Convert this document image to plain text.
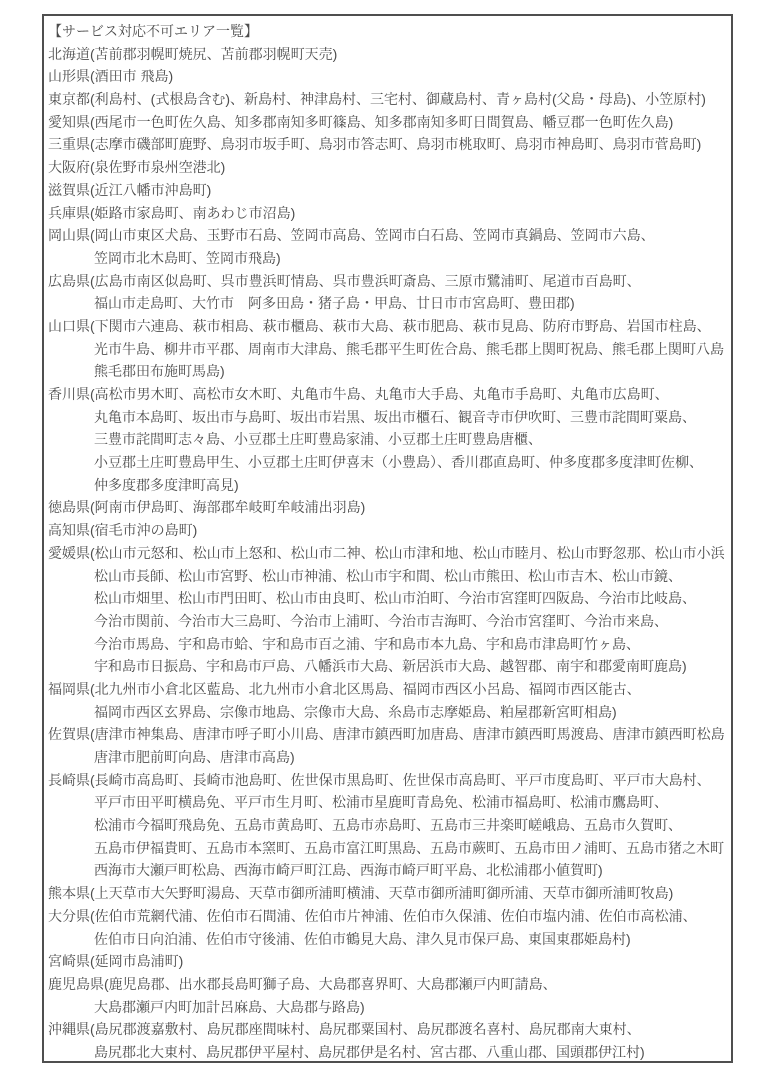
【サービス対応不可エリア一覧】
北海道(苫前郡羽幌町焼尻、苫前郡羽幌町天売)
山形県(酒田市 飛島)
東京都(利島村、(式根島含む)、新島村、神津島村、三宅村、御蔵島村、青ヶ島村(父島・母島)、小笠原村)
愛知県(西尾市一色町佐久島、知多郡南知多町篠島、知多郡南知多町日間賀島、幡豆郡一色町佐久島)
三重県(志摩市磯部町鹿野、鳥羽市坂手町、鳥羽市答志町、鳥羽市桃取町、鳥羽市神島町、鳥羽市菅島町)
大阪府(泉佐野市泉州空港北)
滋賀県(近江八幡市沖島町)
兵庫県(姫路市家島町、南あわじ市沼島)
岡山県(岡山市東区犬島、玉野市石島、笠岡市高島、笠岡市白石島、笠岡市真鍋島、笠岡市六島、
笠岡市北木島町、笠岡市飛島)
広島県(広島市南区似島町、呉市豊浜町情島、呉市豊浜町斎島、三原市鷺浦町、尾道市百島町、
福山市走島町、大竹市　阿多田島・猪子島・甲島、廿日市市宮島町、豊田郡)
山口県(下関市六連島、萩市相島、萩市櫃島、萩市大島、萩市肥島、萩市見島、防府市野島、岩国市柱島、
光市牛島、柳井市平郡、周南市大津島、熊毛郡平生町佐合島、熊毛郡上関町祝島、熊毛郡上関町八島
熊毛郡田布施町馬島)
香川県(高松市男木町、高松市女木町、丸亀市牛島、丸亀市大手島、丸亀市手島町、丸亀市広島町、
丸亀市本島町、坂出市与島町、坂出市岩黒、坂出市櫃石、観音寺市伊吹町、三豊市詫間町粟島、
三豊市詫間町志々島、小豆郡土庄町豊島家浦、小豆郡土庄町豊島唐櫃、
小豆郡土庄町豊島甲生、小豆郡土庄町伊喜末（小豊島）、香川郡直島町、仲多度郡多度津町佐柳、
仲多度郡多度津町高見)
徳島県(阿南市伊島町、海部郡牟岐町牟岐浦出羽島)
高知県(宿毛市沖の島町)
愛媛県(松山市元怒和、松山市上怒和、松山市二神、松山市津和地、松山市睦月、松山市野忽那、松山市小浜
松山市長師、松山市宮野、松山市神浦、松山市宇和間、松山市熊田、松山市吉木、松山市鏡、
松山市畑里、松山市門田町、松山市由良町、松山市泊町、今治市宮窪町四阪島、今治市比岐島、
今治市関前、今治市大三島町、今治市上浦町、今治市吉海町、今治市宮窪町、今治市来島、
今治市馬島、宇和島市蛤、宇和島市百之浦、宇和島市本九島、宇和島市津島町竹ヶ島、
宇和島市日振島、宇和島市戸島、八幡浜市大島、新居浜市大島、越智郡、南宇和郡愛南町鹿島)
福岡県(北九州市小倉北区藍島、北九州市小倉北区馬島、福岡市西区小呂島、福岡市西区能古、
福岡市西区玄界島、宗像市地島、宗像市大島、糸島市志摩姫島、粕屋郡新宮町相島)
佐賀県(唐津市神集島、唐津市呼子町小川島、唐津市鎮西町加唐島、唐津市鎮西町馬渡島、唐津市鎮西町松島
唐津市肥前町向島、唐津市高島)
長崎県(長崎市高島町、長崎市池島町、佐世保市黒島町、佐世保市高島町、平戸市度島町、平戸市大島村、
平戸市田平町横島免、平戸市生月町、松浦市星鹿町青島免、松浦市福島町、松浦市鷹島町、
松浦市今福町飛島免、五島市黄島町、五島市赤島町、五島市三井楽町嵯峨島、五島市久賀町、
五島市伊福貴町、五島市本窯町、五島市富江町黒島、五島市蕨町、五島市田ノ浦町、五島市猪之木町
西海市大瀬戸町松島、西海市崎戸町江島、西海市崎戸町平島、北松浦郡小値賀町)
熊本県(上天草市大矢野町湯島、天草市御所浦町横浦、天草市御所浦町御所浦、天草市御所浦町牧島)
大分県(佐伯市荒網代浦、佐伯市石間浦、佐伯市片神浦、佐伯市久保浦、佐伯市塩内浦、佐伯市高松浦、
佐伯市日向泊浦、佐伯市守後浦、佐伯市鶴見大島、津久見市保戸島、東国東郡姫島村)
宮崎県(延岡市島浦町)
鹿児島県(鹿児島郡、出水郡長島町獅子島、大島郡喜界町、大島郡瀬戸内町請島、
大島郡瀬戸内町加計呂麻島、大島郡与路島)
沖縄県(島尻郡渡嘉敷村、島尻郡座間味村、島尻郡粟国村、島尻郡渡名喜村、島尻郡南大東村、
島尻郡北大東村、島尻郡伊平屋村、島尻郡伊是名村、宮古郡、八重山郡、国頭郡伊江村)
